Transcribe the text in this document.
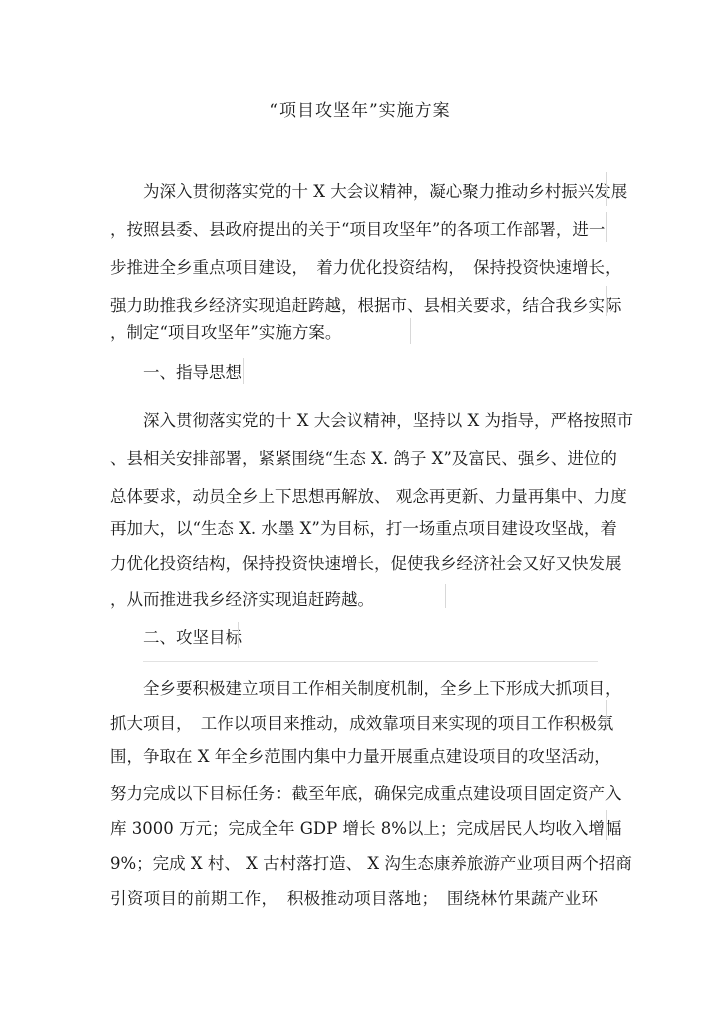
“项目攻坚年”实施方案
为深入贯彻落实党的十 X 大会议精神，凝心聚力推动乡村振兴发展
，按照县委、县政府提出的关于“项目攻坚年”的各项工作部署，进一
步推进全乡重点项目建设，　着力优化投资结构，　保持投资快速增长，
强力助推我乡经济实现追赶跨越，根据市、县相关要求，结合我乡实际
，制定“项目攻坚年”实施方案。
一、指导思想
深入贯彻落实党的十 X 大会议精神，坚持以 X 为指导，严格按照市
、县相关安排部署，紧紧围绕“生态 X. 鸽子 X”及富民、强乡、进位的
总体要求，动员全乡上下思想再解放、 观念再更新、力量再集中、力度
再加大，以“生态 X. 水墨 X”为目标，打一场重点项目建设攻坚战，着
力优化投资结构，保持投资快速增长，促使我乡经济社会又好又快发展
，从而推进我乡经济实现追赶跨越。
二、攻坚目标
全乡要积极建立项目工作相关制度机制，全乡上下形成大抓项目，
抓大项目，　工作以项目来推动，成效靠项目来实现的项目工作积极氛
围，争取在 X 年全乡范围内集中力量开展重点建设项目的攻坚活动，
努力完成以下目标任务：截至年底，确保完成重点建设项目固定资产入
库 3000 万元；完成全年 GDP 增长 8%以上；完成居民人均收入增幅
9%；完成 X 村、 X 古村落打造、 X 沟生态康养旅游产业项目两个招商
引资项目的前期工作，　积极推动项目落地；　围绕林竹果蔬产业环
